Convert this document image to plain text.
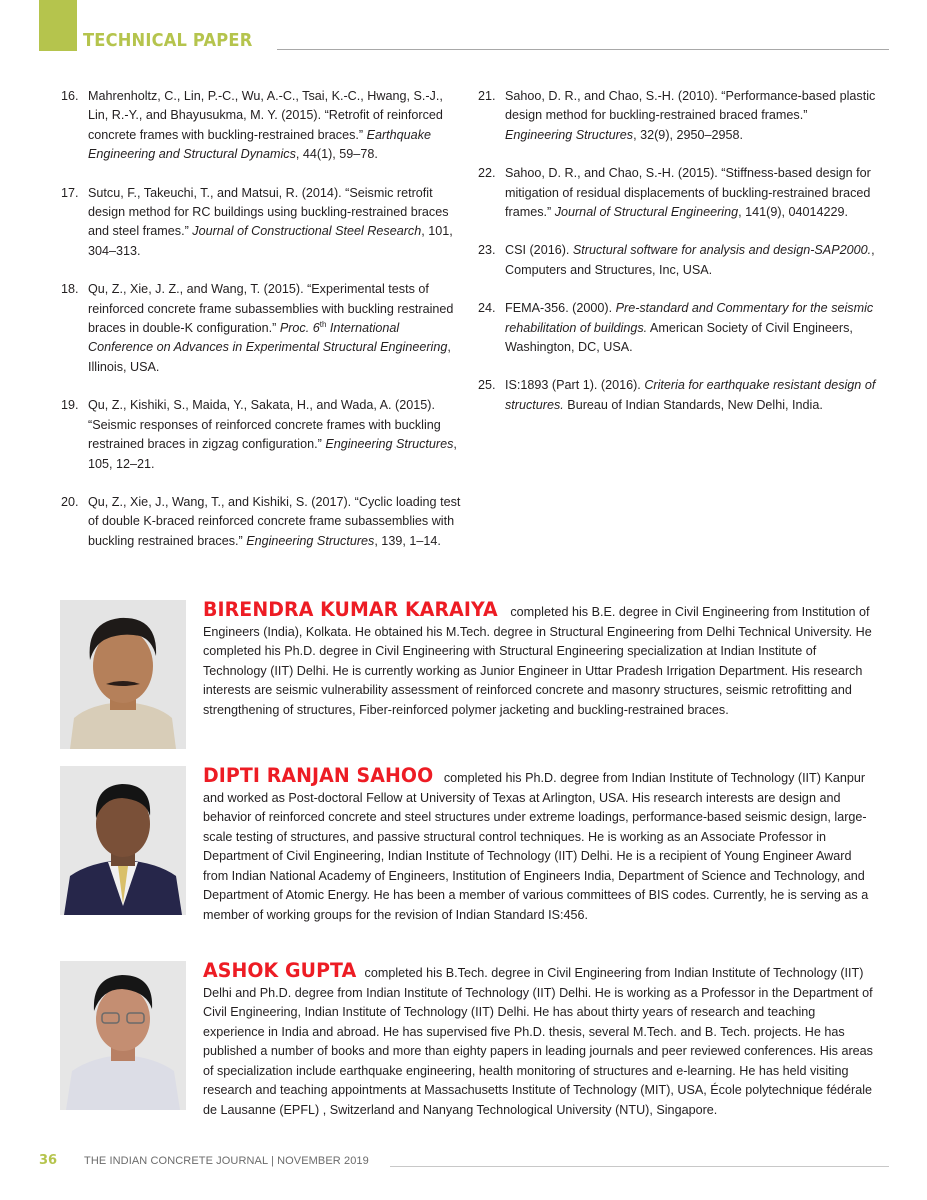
TECHNICAL PAPER
16. Mahrenholtz, C., Lin, P.-C., Wu, A.-C., Tsai, K.-C., Hwang, S.-J., Lin, R.-Y., and Bhayusukma, M. Y. (2015). “Retrofit of reinforced concrete frames with buckling-restrained braces.” Earthquake Engineering and Structural Dynamics, 44(1), 59–78.
17. Sutcu, F., Takeuchi, T., and Matsui, R. (2014). “Seismic retrofit design method for RC buildings using buckling-restrained braces and steel frames.” Journal of Constructional Steel Research, 101, 304–313.
18. Qu, Z., Xie, J. Z., and Wang, T. (2015). “Experimental tests of reinforced concrete frame subassemblies with buckling restrained braces in double-K configuration.” Proc. 6th International Conference on Advances in Experimental Structural Engineering, Illinois, USA.
19. Qu, Z., Kishiki, S., Maida, Y., Sakata, H., and Wada, A. (2015). “Seismic responses of reinforced concrete frames with buckling restrained braces in zigzag configuration.” Engineering Structures, 105, 12–21.
20. Qu, Z., Xie, J., Wang, T., and Kishiki, S. (2017). “Cyclic loading test of double K-braced reinforced concrete frame subassemblies with buckling restrained braces.” Engineering Structures, 139, 1–14.
21. Sahoo, D. R., and Chao, S.-H. (2010). “Performance-based plastic design method for buckling-restrained braced frames.” Engineering Structures, 32(9), 2950–2958.
22. Sahoo, D. R., and Chao, S.-H. (2015). “Stiffness-based design for mitigation of residual displacements of buckling-restrained braced frames.” Journal of Structural Engineering, 141(9), 04014229.
23. CSI (2016). Structural software for analysis and design-SAP2000., Computers and Structures, Inc, USA.
24. FEMA-356. (2000). Pre-standard and Commentary for the seismic rehabilitation of buildings. American Society of Civil Engineers, Washington, DC, USA.
25. IS:1893 (Part 1). (2016). Criteria for earthquake resistant design of structures. Bureau of Indian Standards, New Delhi, India.
BIRENDRA KUMAR KARAIYA completed his B.E. degree in Civil Engineering from Institution of Engineers (India), Kolkata. He obtained his M.Tech. degree in Structural Engineering from Delhi Technical University. He completed his Ph.D. degree in Civil Engineering with Structural Engineering specialization at Indian Institute of Technology (IIT) Delhi. He is currently working as Junior Engineer in Uttar Pradesh Irrigation Department. His research interests are seismic vulnerability assessment of reinforced concrete and masonry structures, seismic retrofitting and strengthening of structures, Fiber-reinforced polymer jacketing and buckling-restrained braces.
DIPTI RANJAN SAHOO completed his Ph.D. degree from Indian Institute of Technology (IIT) Kanpur and worked as Post-doctoral Fellow at University of Texas at Arlington, USA. His research interests are design and behavior of reinforced concrete and steel structures under extreme loadings, performance-based seismic design, large-scale testing of structures, and passive structural control techniques. He is working as an Associate Professor in Department of Civil Engineering, Indian Institute of Technology (IIT) Delhi. He is a recipient of Young Engineer Award from Indian National Academy of Engineers, Institution of Engineers India, Department of Science and Technology, and Department of Atomic Energy. He has been a member of various committees of BIS codes. Currently, he is serving as a member of working groups for the revision of Indian Standard IS:456.
ASHOK GUPTA completed his B.Tech. degree in Civil Engineering from Indian Institute of Technology (IIT) Delhi and Ph.D. degree from Indian Institute of Technology (IIT) Delhi. He is working as a Professor in the Department of Civil Engineering, Indian Institute of Technology (IIT) Delhi. He has about thirty years of research and teaching experience in India and abroad. He has supervised five Ph.D. thesis, several M.Tech. and B. Tech. projects. He has published a number of books and more than eighty papers in leading journals and peer reviewed conferences. His areas of specialization include earthquake engineering, health monitoring of structures and e-learning. He has held visiting research and teaching appointments at Massachusetts Institute of Technology (MIT), USA, École polytechnique fédérale de Lausanne (EPFL) , Switzerland and Nanyang Technological University (NTU), Singapore.
36 THE INDIAN CONCRETE JOURNAL | NOVEMBER 2019
